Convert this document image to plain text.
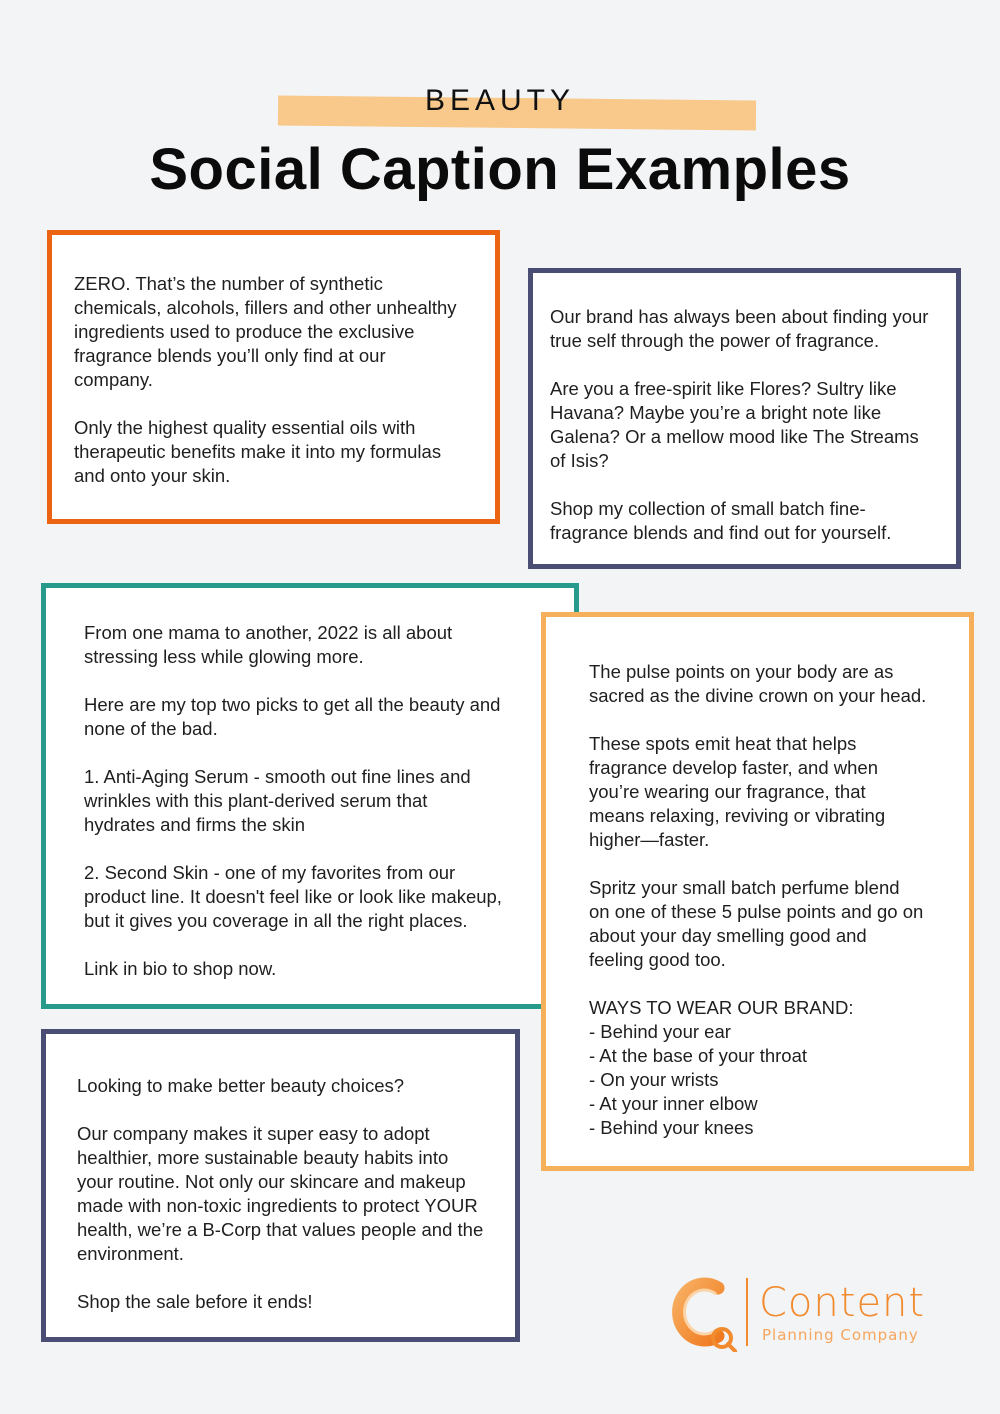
BEAUTY
Social Caption Examples

ZERO. That’s the number of synthetic
chemicals, alcohols, fillers and other unhealthy
ingredients used to produce the exclusive
fragrance blends you’ll only find at our
company.

Only the highest quality essential oils with
therapeutic benefits make it into my formulas
and onto your skin.

Our brand has always been about finding your
true self through the power of fragrance.

Are you a free-spirit like Flores? Sultry like
Havana? Maybe you’re a bright note like
Galena? Or a mellow mood like The Streams
of Isis?

Shop my collection of small batch fine-
fragrance blends and find out for yourself.

From one mama to another, 2022 is all about
stressing less while glowing more.

Here are my top two picks to get all the beauty and
none of the bad.

1. Anti-Aging Serum - smooth out fine lines and
wrinkles with this plant-derived serum that
hydrates and firms the skin

2. Second Skin - one of my favorites from our
product line. It doesn't feel like or look like makeup,
but it gives you coverage in all the right places.

Link in bio to shop now.

The pulse points on your body are as
sacred as the divine crown on your head.

These spots emit heat that helps
fragrance develop faster, and when
you’re wearing our fragrance, that
means relaxing, reviving or vibrating
higher—faster.

Spritz your small batch perfume blend
on one of these 5 pulse points and go on
about your day smelling good and
feeling good too.

WAYS TO WEAR OUR BRAND:
- Behind your ear
- At the base of your throat
- On your wrists
- At your inner elbow
- Behind your knees

Looking to make better beauty choices?

Our company makes it super easy to adopt
healthier, more sustainable beauty habits into
your routine. Not only our skincare and makeup
made with non-toxic ingredients to protect YOUR
health, we’re a B-Corp that values people and the
environment.

Shop the sale before it ends!	Content
Planning Company
